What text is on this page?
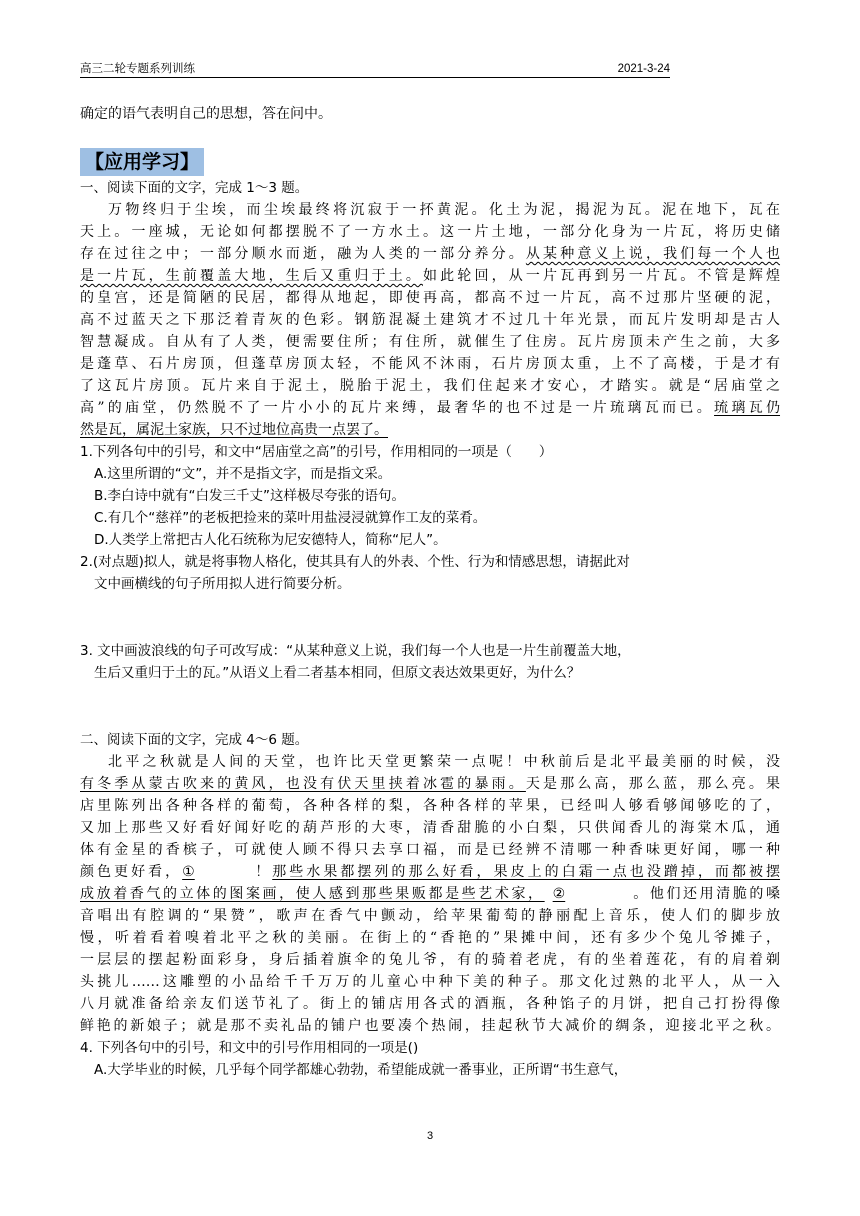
高三二轮专题系列训练	2021-3-24
确定的语气表明自己的思想，答在问中。
【应用学习】
一、阅读下面的文字，完成 1～3 题。
万物终归于尘埃，而尘埃最终将沉寂于一抔黄泥。化土为泥，揭泥为瓦。泥在地下，瓦在
天上。一座城，无论如何都摆脱不了一方水土。这一片土地，一部分化身为一片瓦，将历史储
存在过往之中；一部分顺水而逝，融为人类的一部分养分。从某种意义上说，我们每一个人也
是一片瓦，生前覆盖大地，生后又重归于土。如此轮回，从一片瓦再到另一片瓦。不管是辉煌
的皇宫，还是简陋的民居，都得从地起，即使再高，都高不过一片瓦，高不过那片坚硬的泥，
高不过蓝天之下那泛着青灰的色彩。钢筋混凝土建筑才不过几十年光景，而瓦片发明却是古人
智慧凝成。自从有了人类，便需要住所；有住所，就催生了住房。瓦片房顶未产生之前，大多
是蓬草、石片房顶，但蓬草房顶太轻，不能风不沐雨，石片房顶太重，上不了高楼，于是才有
了这瓦片房顶。瓦片来自于泥土，脱胎于泥土，我们住起来才安心，才踏实。就是“居庙堂之
高”的庙堂，仍然脱不了一片小小的瓦片来缚，最奢华的也不过是一片琉璃瓦而已。琉璃瓦仍
然是瓦，属泥土家族，只不过地位高贵一点罢了。
1.下列各句中的引号，和文中“居庙堂之高”的引号，作用相同的一项是（　　）
A.这里所谓的“文”，并不是指文字，而是指文采。
B.李白诗中就有“白发三千丈”这样极尽夸张的语句。
C.有几个“慈祥”的老板把捡来的菜叶用盐浸浸就算作工友的菜肴。
D.人类学上常把古人化石统称为尼安德特人，简称“尼人”。
2.(对点题)拟人，就是将事物人格化，使其具有人的外表、个性、行为和情感思想，请据此对
文中画横线的句子所用拟人进行简要分析。
3. 文中画波浪线的句子可改写成：“从某种意义上说，我们每一个人也是一片生前覆盖大地，
生后又重归于土的瓦。”从语义上看二者基本相同，但原文表达效果更好，为什么？
二、阅读下面的文字，完成 4～6 题。
北平之秋就是人间的天堂，也许比天堂更繁荣一点呢！中秋前后是北平最美丽的时候，没
有冬季从蒙古吹来的黄风，也没有伏天里挟着冰雹的暴雨。天是那么高，那么蓝，那么亮。果
店里陈列出各种各样的葡萄，各种各样的梨，各种各样的苹果，已经叫人够看够闻够吃的了，
又加上那些又好看好闻好吃的葫芦形的大枣，清香甜脆的小白梨，只供闻香儿的海棠木瓜，通
体有金星的香槟子，可就使人顾不得只去享口福，而是已经辨不清哪一种香味更好闻，哪一种
颜色更好看，①	！那些水果都摆列的那么好看，果皮上的白霜一点也没蹭掉，而都被摆
成放着香气的立体的图案画，使人感到那些果贩都是些艺术家， ②	。他们还用清脆的嗓
音唱出有腔调的“果赞”，歌声在香气中颤动，给苹果葡萄的静丽配上音乐，使人们的脚步放
慢，听着看着嗅着北平之秋的美丽。在街上的“香艳的”果摊中间，还有多少个兔儿爷摊子，
一层层的摆起粉面彩身，身后插着旗伞的兔儿爷，有的骑着老虎，有的坐着莲花，有的肩着剃
头挑儿……这雕塑的小品给千千万万的儿童心中种下美的种子。那文化过熟的北平人，从一入
八月就准备给亲友们送节礼了。街上的铺店用各式的酒瓶，各种馅子的月饼，把自己打扮得像
鲜艳的新娘子；就是那不卖礼品的铺户也要凑个热闹，挂起秋节大减价的绸条，迎接北平之秋。
4. 下列各句中的引号，和文中的引号作用相同的一项是()
A.大学毕业的时候，几乎每个同学都雄心勃勃，希望能成就一番事业，正所谓“书生意气，
3
